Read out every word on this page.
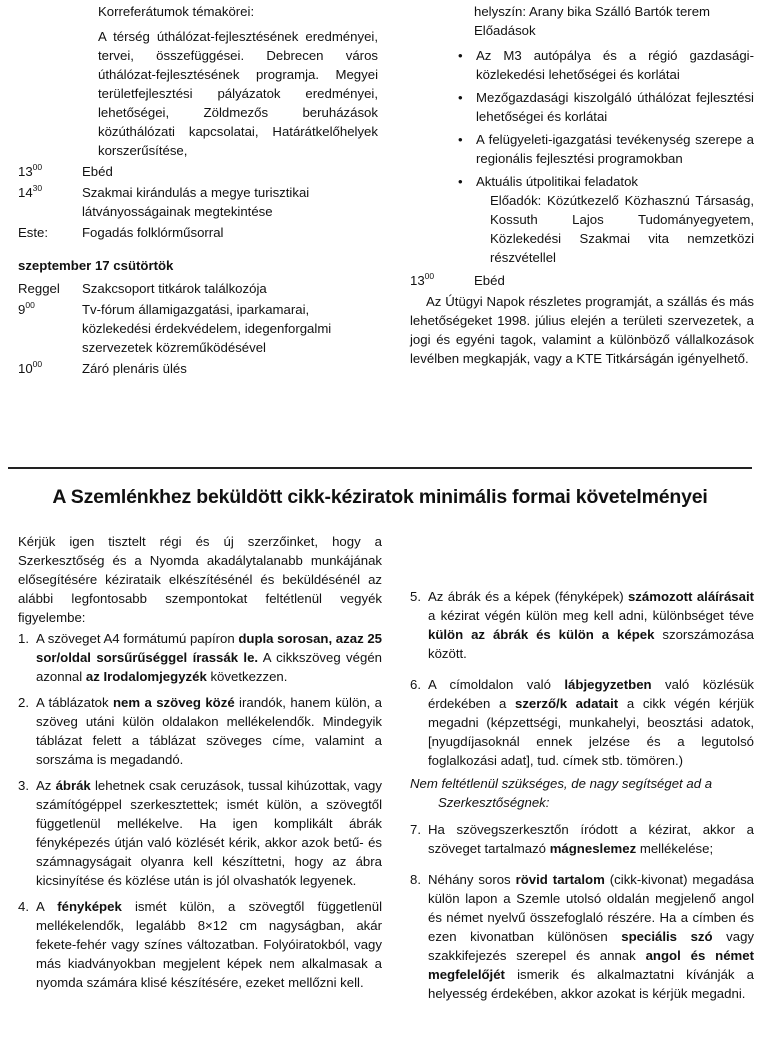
Korreferátumok témakörei:
A térség úthálózat-fejlesztésének eredményei, tervei, összefüggései. Debrecen város úthálózat-fejlesztésének programja. Megyei területfejlesztési pályázatok eredményei, lehetőségei, Zöldmezős beruházások közúthálózati kapcsolatai, Határátkelőhelyek korszerűsítése,
$13^{00}$	Ebéd
$14^{30}$	Szakmai kirándulás a megye turisztikai látványosságainak megtekintése
Este:	Fogadás folklórműsorral
szeptember 17 csütörtök
Reggel	Szakcsoport titkárok találkozója
$9^{00}$	Tv-fórum államigazgatási, iparkamarai, közlekedési érdekvédelem, idegenforgalmi szervezetek közreműködésével
$10^{00}$	Záró plenáris ülés
helyszín: Arany bika Szálló Bartók terem
Előadások
•	Az M3 autópálya és a régió gazdasági-közlekedési lehetőségei és korlátai
•	Mezőgazdasági kiszolgáló úthálózat fejlesztési lehetőségei és korlátai
•	A felügyeleti-igazgatási tevékenység szerepe a regionális fejlesztési programokban
•	Aktuális útpolitikai feladatok
Előadók: Közútkezelő Közhasznú Társaság, Kossuth Lajos Tudományegyetem, Közlekedési Szakmai vita nemzetközi részvétellel
$13^{00}$	Ebéd
Az Útügyi Napok részletes programját, a szállás és más lehetőségeket 1998. július elején a területi szervezetek, a jogi és egyéni tagok, valamint a különböző vállalkozások levélben megkapják, vagy a KTE Titkárságán igényelhető.
A Szemlénkhez beküldött cikk-kéziratok minimális formai követelményei
Kérjük igen tisztelt régi és új szerzőinket, hogy a Szerkesztőség és a Nyomda akadálytalanabb munkájának elősegítésére kézirataik elkészítésénél és beküldésénél az alábbi legfontosabb szempontokat feltétlenül vegyék figyelembe:
1. A szöveget A4 formátumú papíron dupla sorosan, azaz 25 sor/oldal sorsűrűséggel írassák le. A cikkszöveg végén azonnal az Irodalomjegyzék következzen.
2. A táblázatok nem a szöveg közé irandók, hanem külön, a szöveg utáni külön oldalakon mellékelendők. Mindegyik táblázat felett a táblázat szöveges címe, valamint a sorszáma is megadandó.
3. Az ábrák lehetnek csak ceruzások, tussal kihúzottak, vagy számítógéppel szerkesztettek; ismét külön, a szövegtől függetlenül mellékelve. Ha igen komplikált ábrák fényképezés útján való közlését kérik, akkor azok betű- és számnagyságait olyanra kell készíttetni, hogy az ábra kicsinyítése és közlése után is jól olvashatók legyenek.
4. A fényképek ismét külön, a szövegtől függetlenül mellékelendők, legalább 8×12 cm nagyságban, akár fekete-fehér vagy színes változatban. Folyóiratokból, vagy más kiadványokban megjelent képek nem alkalmasak a nyomda számára klisé készítésére, ezeket mellőzni kell.
5. Az ábrák és a képek (fényképek) számozott aláírásait a kézirat végén külön meg kell adni, különbséget téve külön az ábrák és külön a képek szorszámozása között.
6. A címoldalon való lábjegyzetben való közlésük érdekében a szerző/k adatait a cikk végén kérjük megadni (képzettségi, munkahelyi, beosztási adatok, [nyugdíjasoknál ennek jelzése és a legutolsó foglalkozási adat], tud. címek stb. tömören.)
Nem feltétlenül szükséges, de nagy segítséget ad a
Szerkesztőségnek:
7. Ha szövegszerkesztőn íródott a kézirat, akkor a szöveget tartalmazó mágneslemez mellékelése;
8. Néhány soros rövid tartalom (cikk-kivonat) megadása külön lapon a Szemle utolsó oldalán megjelenő angol és német nyelvű összefoglaló részére. Ha a címben és ezen kivonatban különösen speciális szó vagy szakkifejezés szerepel és annak angol és német megfelelőjét ismerik és alkalmaztatni kívánják a helyesség érdekében, akkor azokat is kérjük megadni.
